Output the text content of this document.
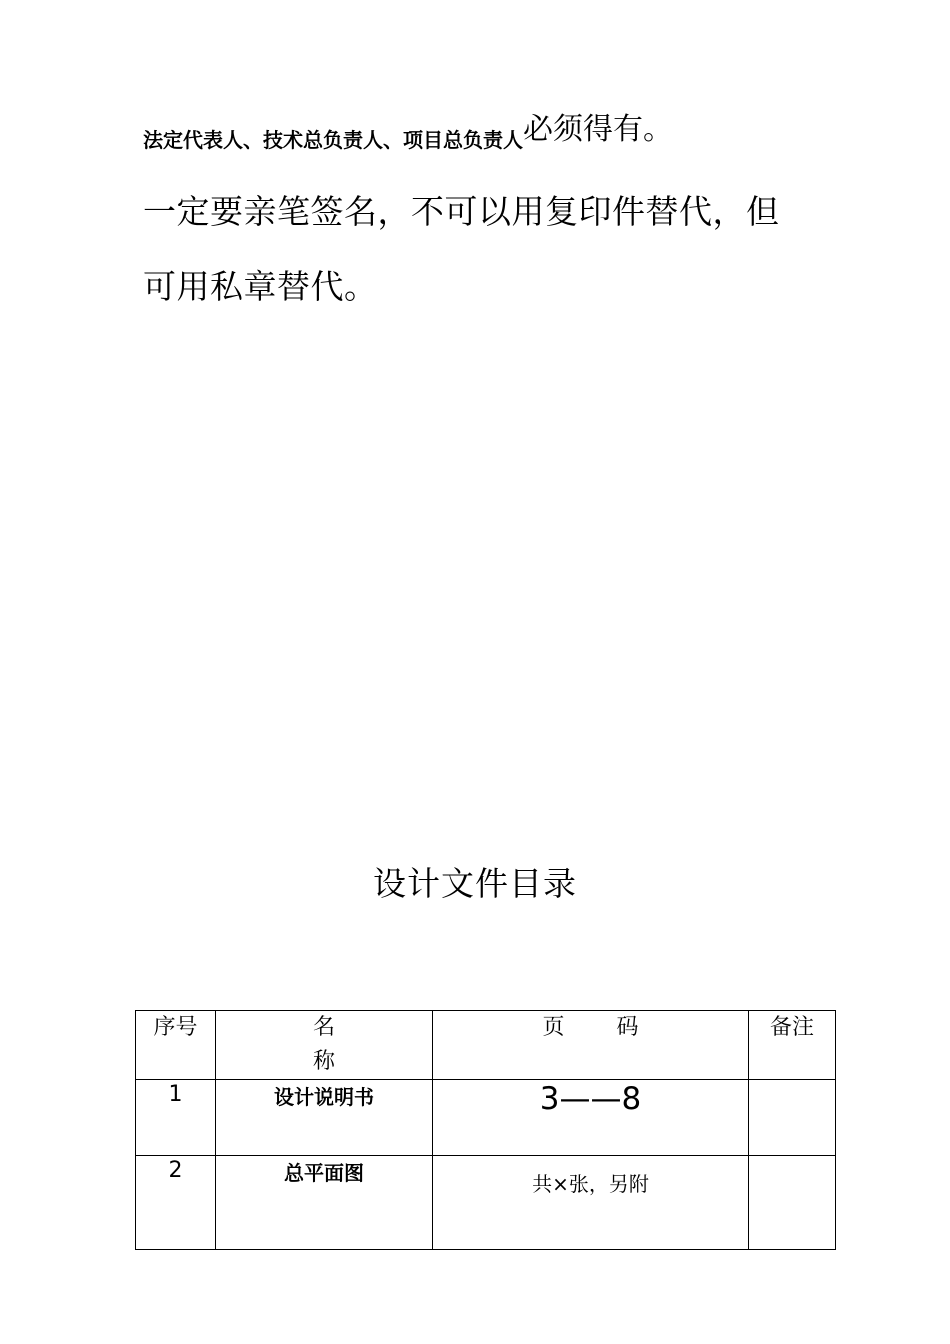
法定代表人、技术总负责人、项目总负责人必须得有。
一定要亲笔签名，不可以用复印件替代，但
可用私章替代。
设计文件目录
序号	名称	页码	备注
1	设计说明书	3——8	
2	总平面图	共×张，另附	
